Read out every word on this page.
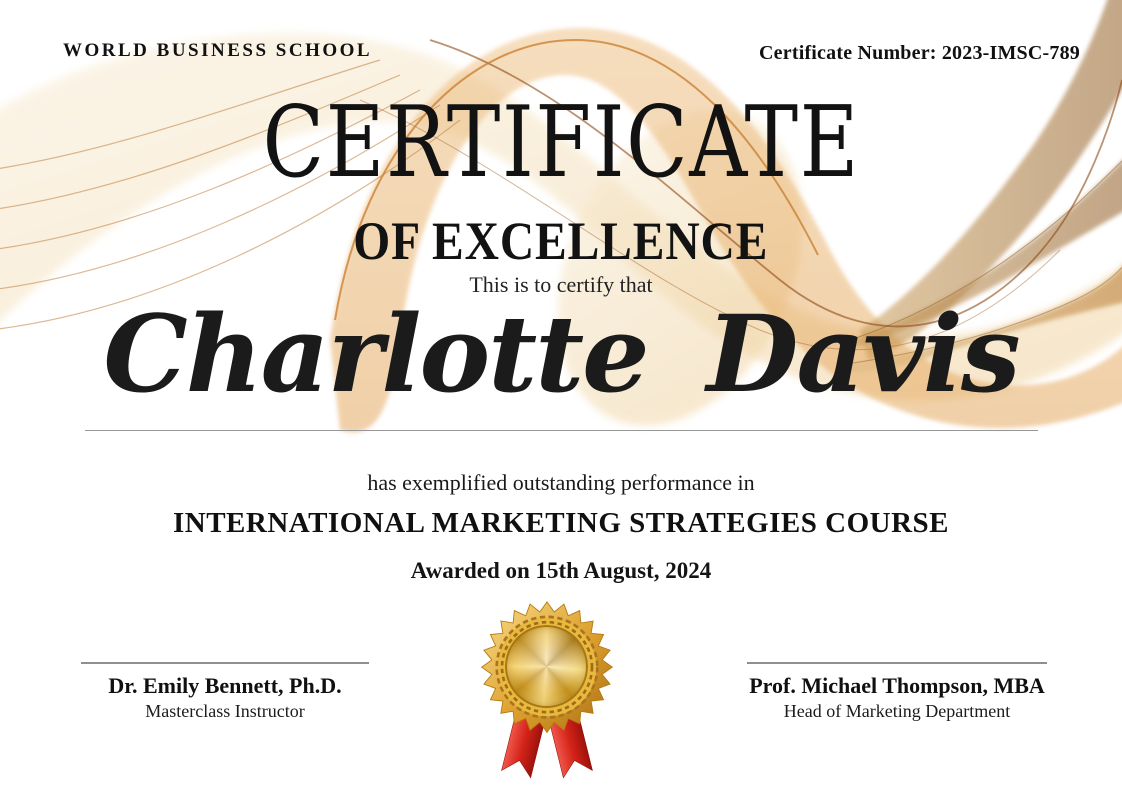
WORLD BUSINESS SCHOOL	Certificate Number: 2023-IMSC-789
CERTIFICATE
OF EXCELLENCE
This is to certify that
Charlotte Davis
has exemplified outstanding performance in
INTERNATIONAL MARKETING STRATEGIES COURSE
Awarded on 15th August, 2024
Dr. Emily Bennett, Ph.D.
Masterclass Instructor
Prof. Michael Thompson, MBA
Head of Marketing Department
